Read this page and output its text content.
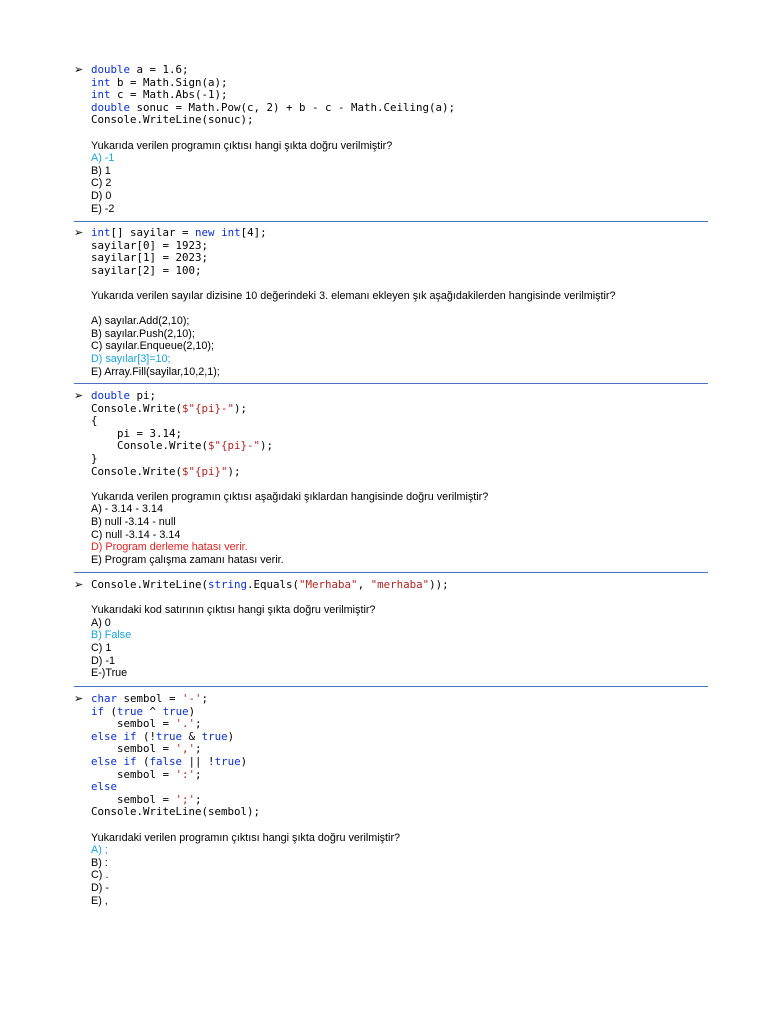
➢ double a = 1.6;
int b = Math.Sign(a);
int c = Math.Abs(-1);
double sonuc = Math.Pow(c, 2) + b - c - Math.Ceiling(a);
Console.WriteLine(sonuc);
Yukarıda verilen programın çıktısı hangi şıkta doğru verilmiştir?
A) -1
B) 1
C) 2
D) 0
E) -2
➢ int[] sayilar = new int[4];
sayilar[0] = 1923;
sayilar[1] = 2023;
sayilar[2] = 100;
Yukarıda verilen sayılar dizisine 10 değerindeki 3. elemanı ekleyen şık aşağıdakilerden hangisinde verilmiştir?
A) sayılar.Add(2,10);
B) sayılar.Push(2,10);
C) sayılar.Enqueue(2,10);
D) sayılar[3]=10;
E) Array.Fill(sayilar,10,2,1);
➢ double pi;
Console.Write($"{pi}-");
{
pi = 3.14;
Console.Write($"{pi}-");
}
Console.Write($"{pi}");
Yukarıda verilen programın çıktısı aşağıdaki şıklardan hangisinde doğru verilmiştir?
A) - 3.14 - 3.14
B) null -3.14 - null
C) null -3.14 - 3.14
D) Program derleme hatası verir.
E) Program çalışma zamanı hatası verir.
➢ Console.WriteLine(string.Equals("Merhaba", "merhaba"));
Yukarıdaki kod satırının çıktısı hangi şıkta doğru verilmiştir?
A) 0
B) False
C) 1
D) -1
E-)True
➢ char sembol = '-';
if (true ^ true)
sembol = '.';
else if (!true & true)
sembol = ',';
else if (false || !true)
sembol = ':';
else
sembol = ';';
Console.WriteLine(sembol);
Yukarıdaki verilen programın çıktısı hangi şıkta doğru verilmiştir?
A) ;
B) :
C) .
D) -
E) ,
